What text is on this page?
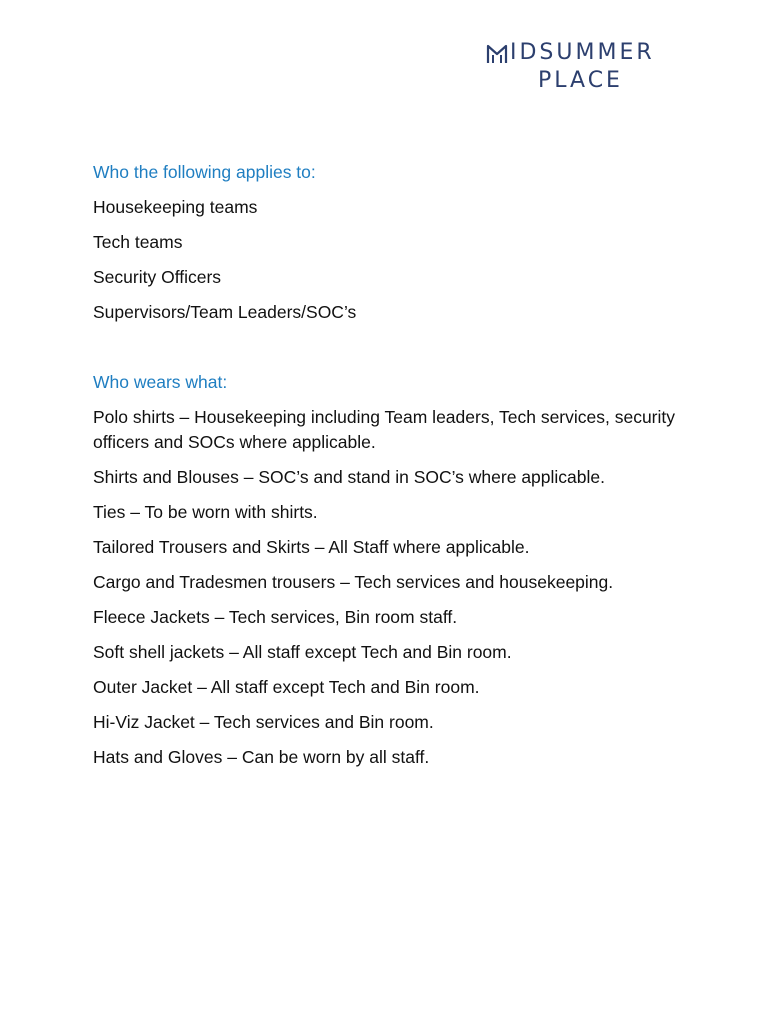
IDSUMMER
PLACE

Who the following applies to:

Housekeeping teams

Tech teams

Security Officers

Supervisors/Team Leaders/SOC’s

Who wears what:

Polo shirts – Housekeeping including Team leaders, Tech services, security officers and SOCs where applicable.

Shirts and Blouses – SOC’s and stand in SOC’s where applicable.

Ties – To be worn with shirts.

Tailored Trousers and Skirts – All Staff where applicable.

Cargo and Tradesmen trousers – Tech services and housekeeping.

Fleece Jackets – Tech services, Bin room staff.

Soft shell jackets – All staff except Tech and Bin room.

Outer Jacket – All staff except Tech and Bin room.

Hi-Viz Jacket – Tech services and Bin room.

Hats and Gloves – Can be worn by all staff.
